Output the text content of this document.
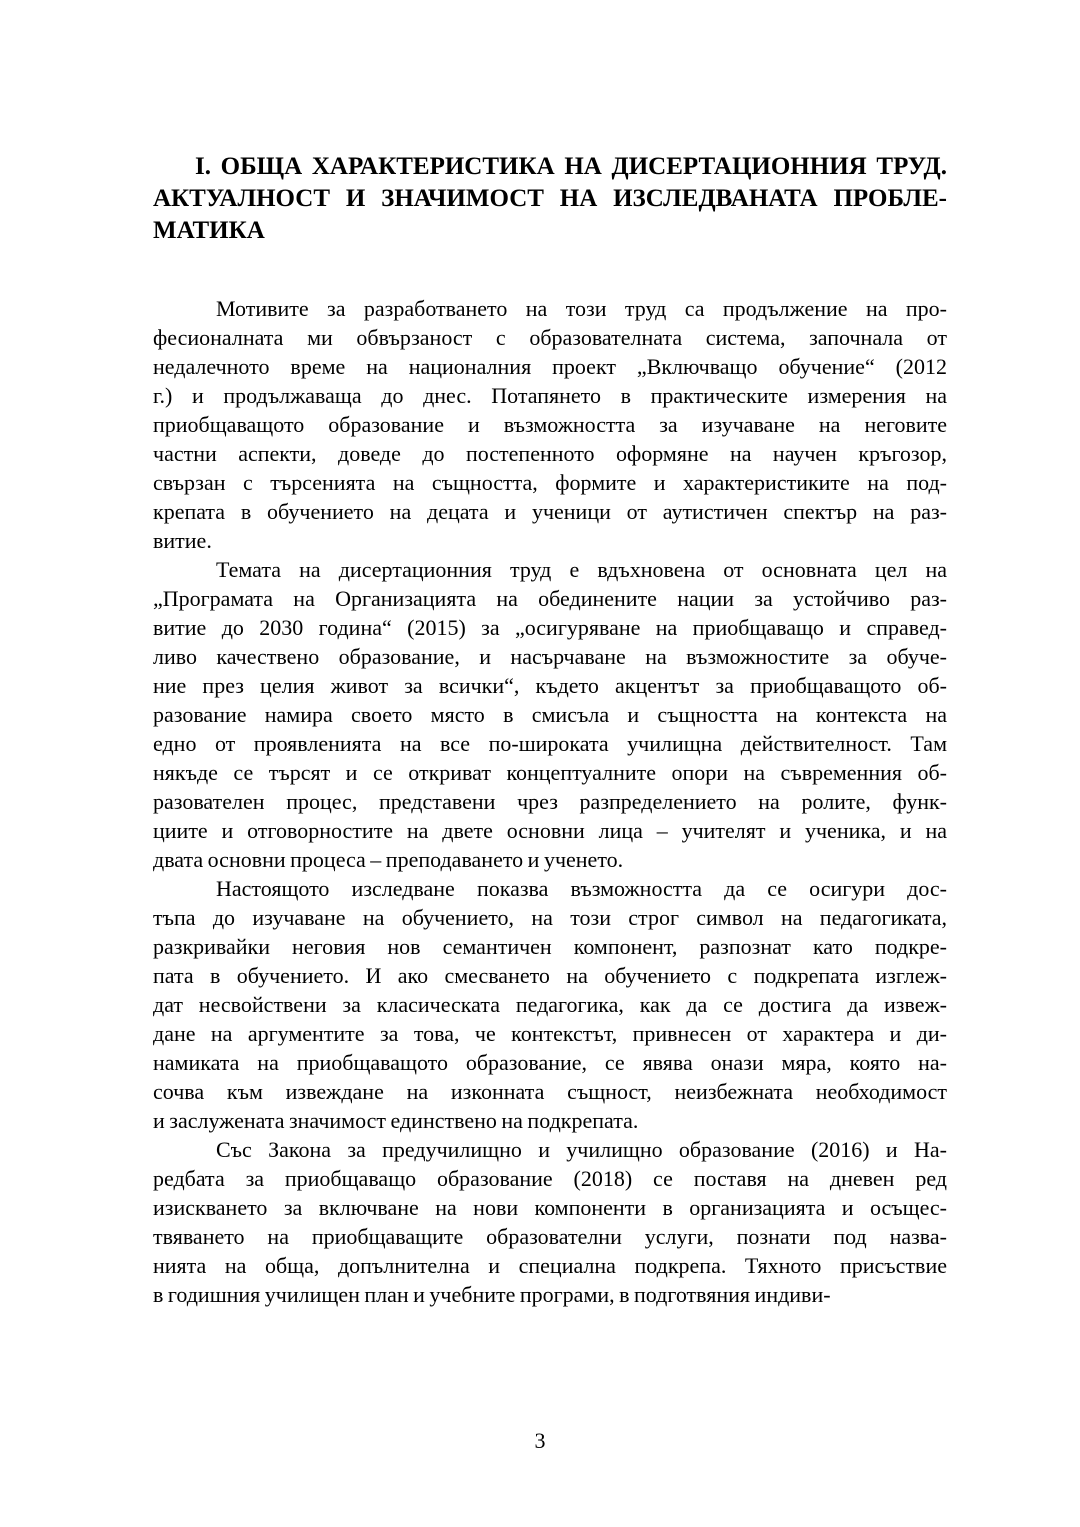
I. ОБЩА ХАРАКТЕРИСТИКА НА ДИСЕРТАЦИОННИЯ ТРУД.
АКТУАЛНОСТ И ЗНАЧИМОСТ НА ИЗСЛЕДВАНАТА ПРОБЛЕ-
МАТИКА

Мотивите за разработването на този труд са продължение на про-
фесионалната ми обвързаност с образователната система, започнала от
недалечното време на националния проект „Включващо обучение“ (2012
г.) и продължаваща до днес. Потапянето в практическите измерения на
приобщаващото образование и възможността за изучаване на неговите
частни аспекти, доведе до постепенното оформяне на научен кръгозор,
свързан с търсенията на същността, формите и характеристиките на под-
крепата в обучението на децата и ученици от аутистичен спектър на раз-
витие.

Темата на дисертационния труд е вдъхновена от основната цел на
„Програмата на Организацията на обединените нации за устойчиво раз-
витие до 2030 година“ (2015) за „осигуряване на приобщаващо и справед-
ливо качествено образование, и насърчаване на възможностите за обуче-
ние през целия живот за всички“, където акцентът за приобщаващото об-
разование намира своето място в смисъла и същността на контекста на
едно от проявленията на все по-широката училищна действителност. Там
някъде се търсят и се откриват концептуалните опори на съвременния об-
разователен процес, представени чрез разпределението на ролите, функ-
циите и отговорностите на двете основни лица – учителят и ученика, и на
двата основни процеса – преподаването и ученето.

Настоящото изследване показва възможността да се осигури дос-
тъпа до изучаване на обучението, на този строг символ на педагогиката,
разкривайки неговия нов семантичен компонент, разпознат като подкре-
пата в обучението. И ако смесването на обучението с подкрепата изглеж-
дат несвойствени за класическата педагогика, как да се достига да извеж-
дане на аргументите за това, че контекстът, привнесен от характера и ди-
намиката на приобщаващото образование, се явява онази мяра, която на-
сочва към извеждане на изконната същност, неизбежната необходимост
и заслужената значимост единствено на подкрепата.

Със Закона за предучилищно и училищно образование (2016) и На-
редбата за приобщаващо образование (2018) се поставя на дневен ред
изискването за включване на нови компоненти в организацията и осъщес-
твяването на приобщаващите образователни услуги, познати под назва-
нията на обща, допълнителна и специална подкрепа. Тяхното присъствие
в годишния училищен план и учебните програми, в подготвяния индиви-

3
